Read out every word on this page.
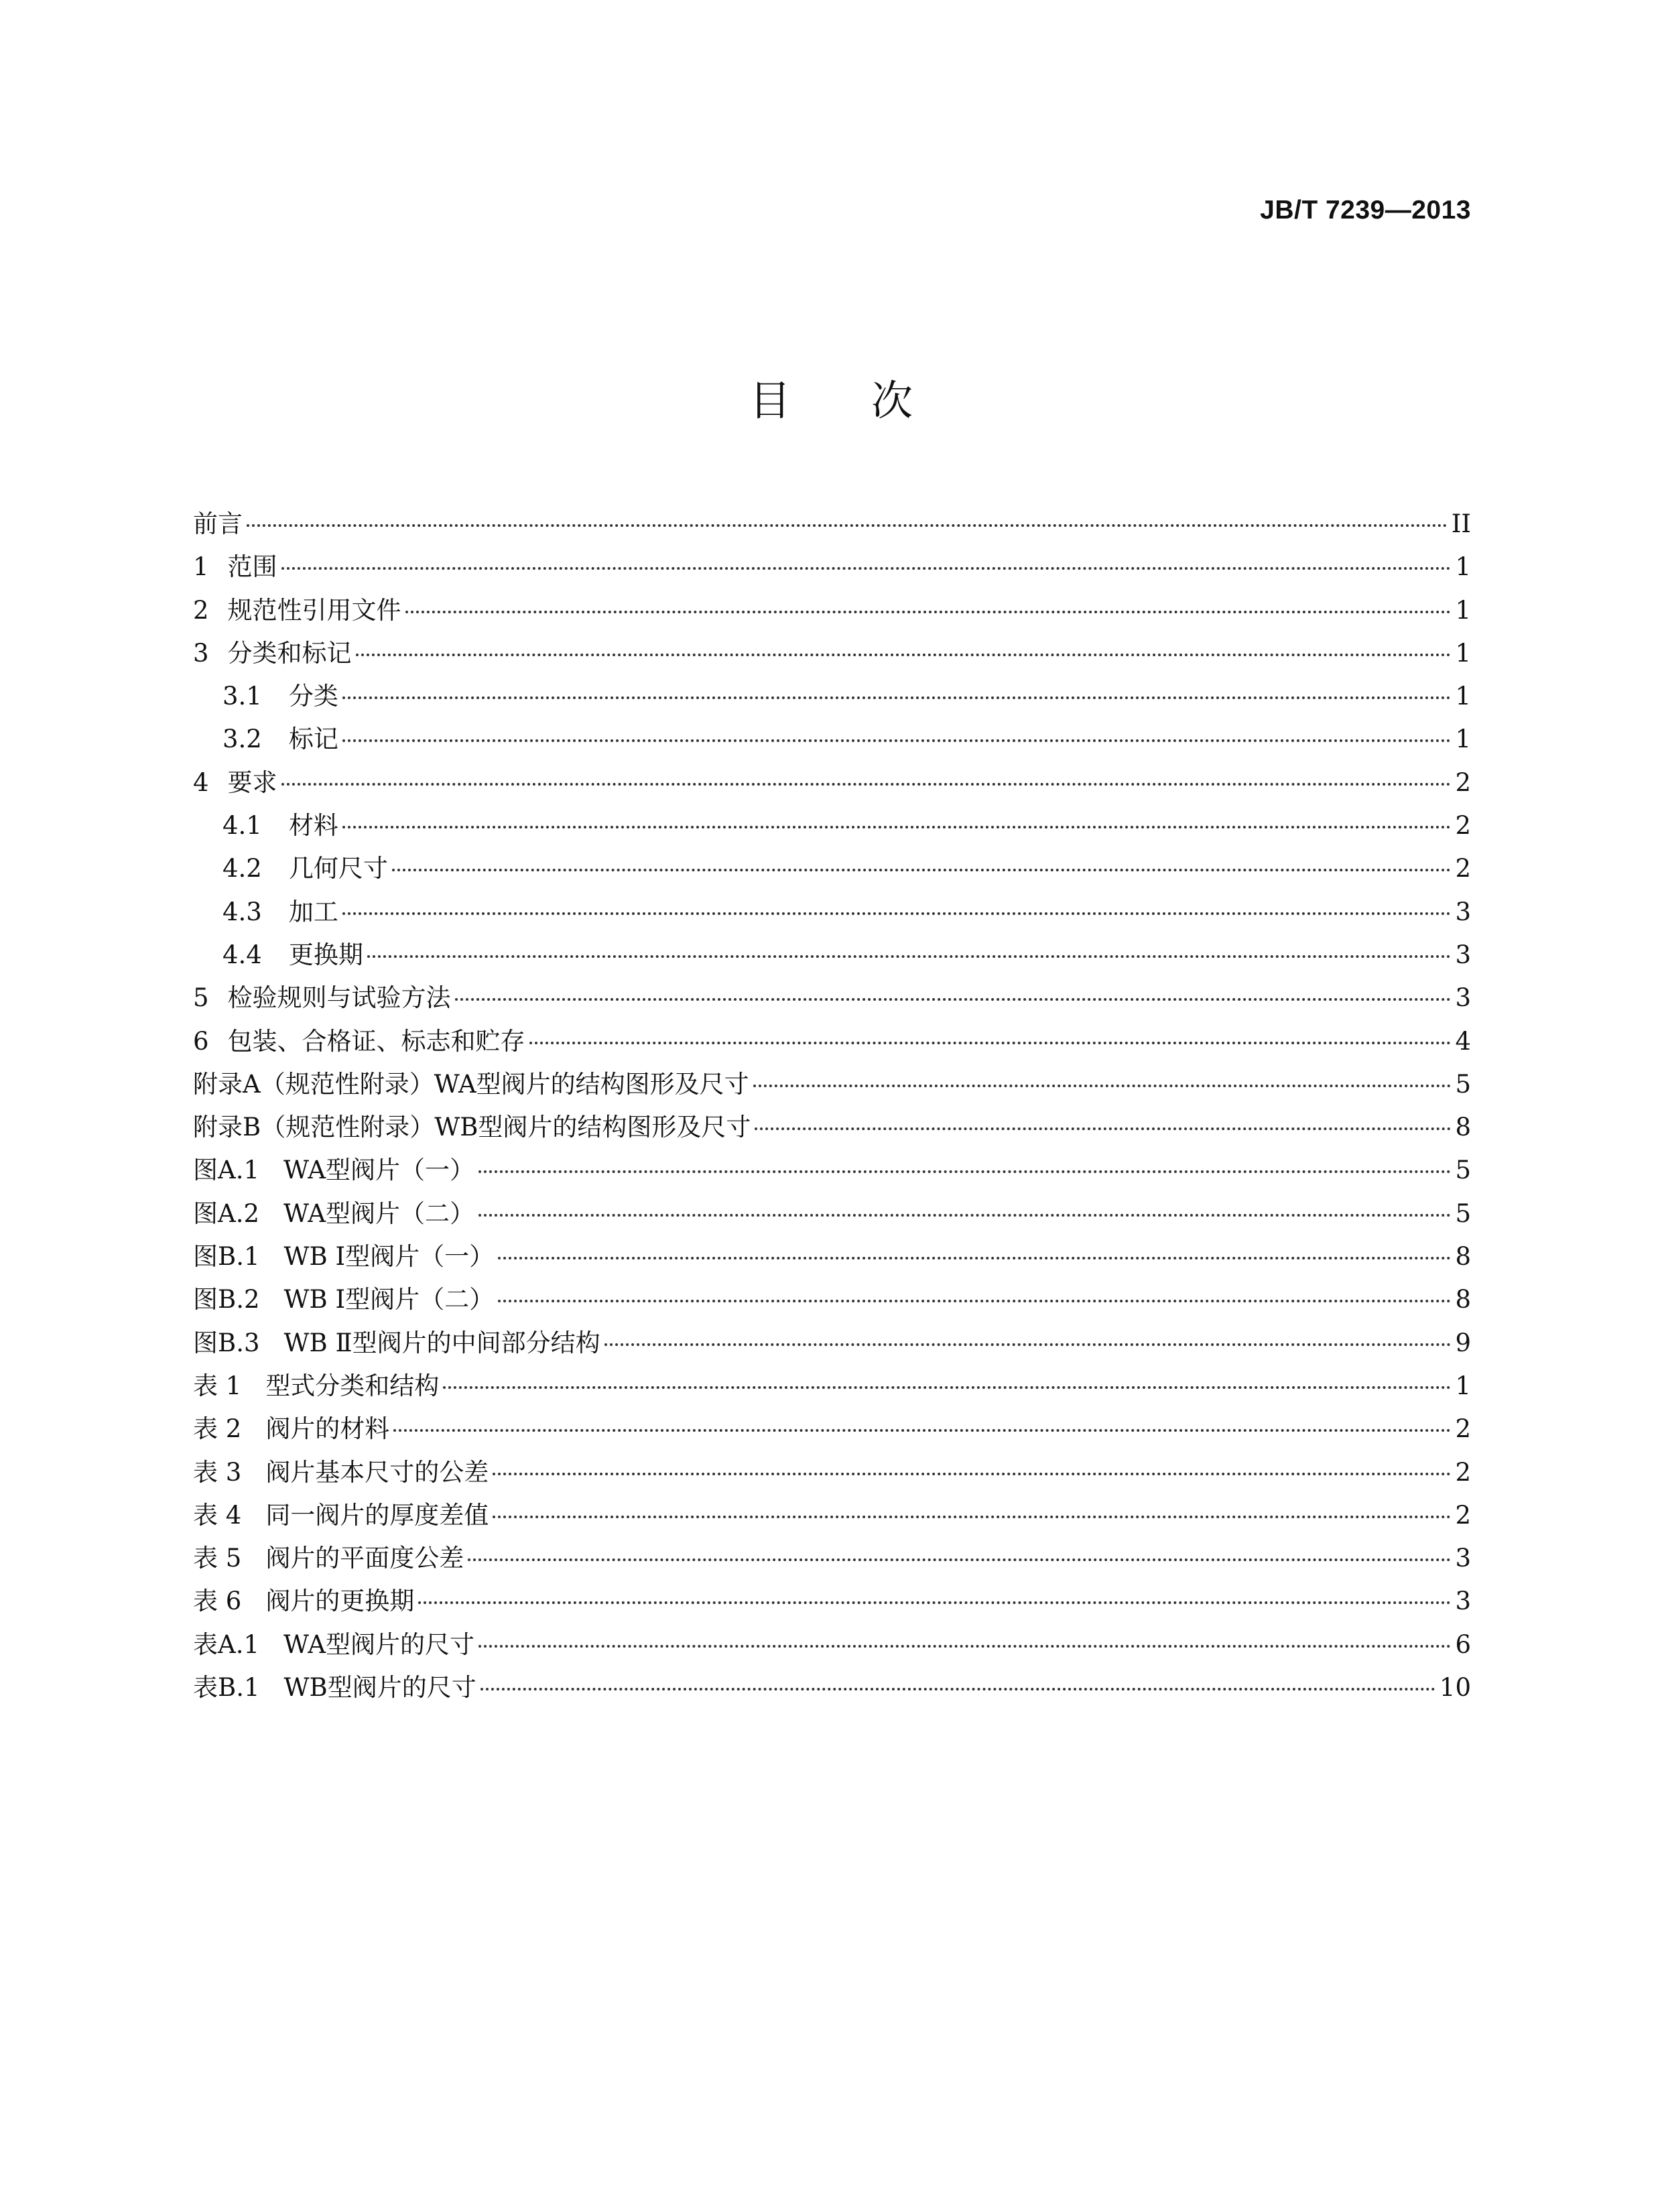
JB/T 7239—2013
目 次
前言	II
1 范围	1
2 规范性引用文件	1
3 分类和标记	1
3.1 分类	1
3.2 标记	1
4 要求	2
4.1 材料	2
4.2 几何尺寸	2
4.3 加工	3
4.4 更换期	3
5 检验规则与试验方法	3
6 包装、合格证、标志和贮存	4
附录A（规范性附录）WA型阀片的结构图形及尺寸	5
附录B（规范性附录）WB型阀片的结构图形及尺寸	8
图A.1 WA型阀片（一）	5
图A.2 WA型阀片（二）	5
图B.1 WB Ⅰ型阀片（一）	8
图B.2 WB Ⅰ型阀片（二）	8
图B.3 WB Ⅱ型阀片的中间部分结构	9
表 1 型式分类和结构	1
表 2 阀片的材料	2
表 3 阀片基本尺寸的公差	2
表 4 同一阀片的厚度差值	2
表 5 阀片的平面度公差	3
表 6 阀片的更换期	3
表A.1 WA型阀片的尺寸	6
表B.1 WB型阀片的尺寸	10
